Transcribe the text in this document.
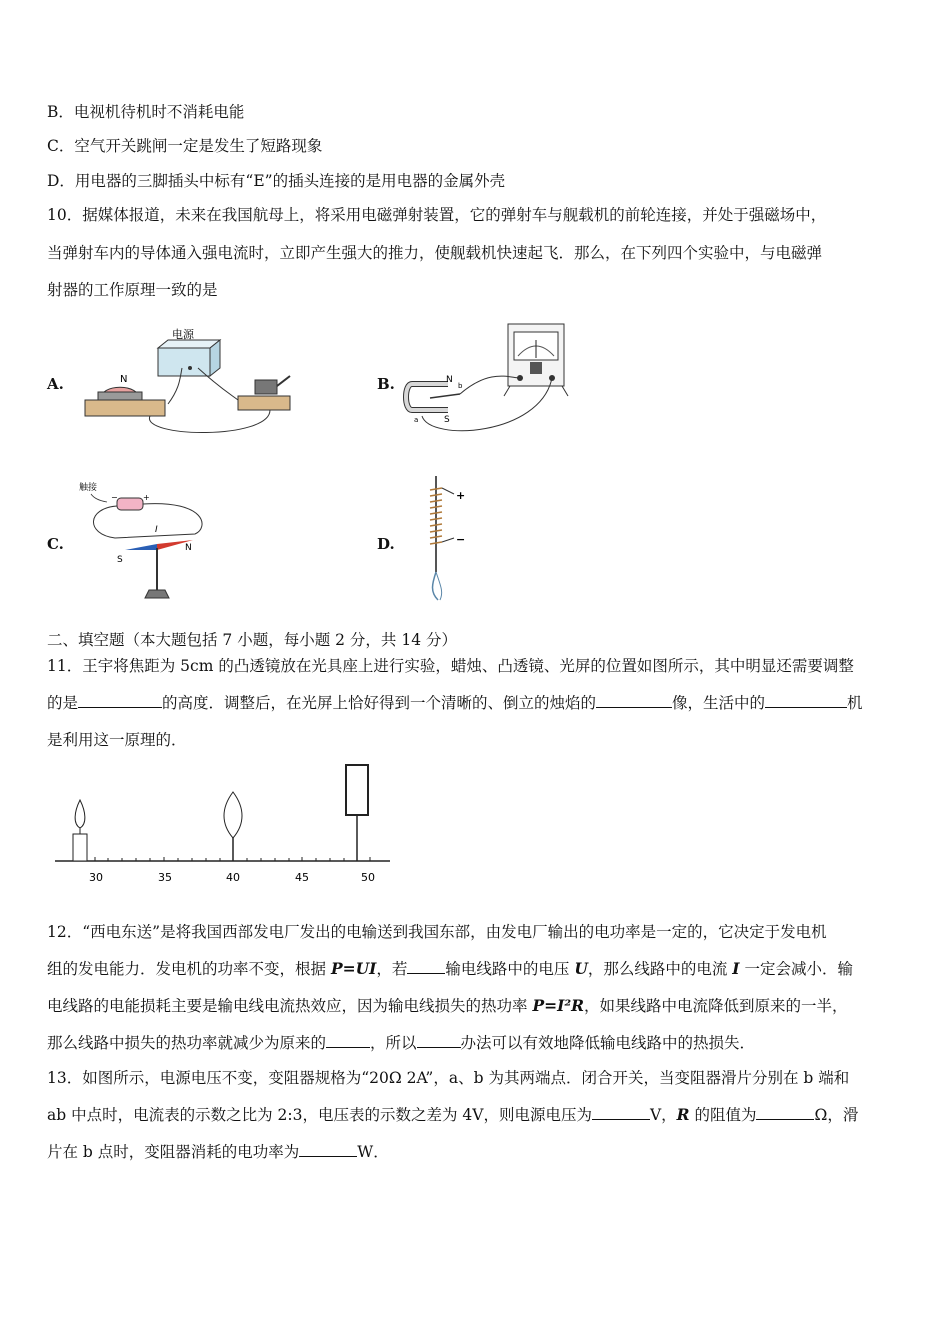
B．电视机待机时不消耗电能
C．空气开关跳闸一定是发生了短路现象
D．用电器的三脚插头中标有“E”的插头连接的是用电器的金属外壳
10．据媒体报道，未来在我国航母上，将采用电磁弹射装置，它的弹射车与舰载机的前轮连接，并处于强磁场中，
当弹射车内的导体通入强电流时，立即产生强大的推力，使舰载机快速起飞．那么，在下列四个实验中，与电磁弹
射器的工作原理一致的是
A.	B.
C.	D.
电源
N	N
S
b
a
触接
−	+
I
S
N
+
−
二、填空题（本大题包括 7 小题，每小题 2 分，共 14 分）
11．王宇将焦距为 5cm 的凸透镜放在光具座上进行实验，蜡烛、凸透镜、光屏的位置如图所示，其中明显还需要调整
的是	的高度．调整后，在光屏上恰好得到一个清晰的、倒立的烛焰的	像，生活中的	机
是利用这一原理的．
30	35	40	45	50
12．“西电东送”是将我国西部发电厂发出的电输送到我国东部，由发电厂输出的电功率是一定的，它决定于发电机
组的发电能力．发电机的功率不变，根据 P=UI，若 输电线路中的电压 U，那么线路中的电流 I 一定会减小．输
电线路的电能损耗主要是输电线电流热效应，因为输电线损失的热功率 P=I²R，如果线路中电流降低到原来的一半，
那么线路中损失的热功率就减少为原来的	，所以	办法可以有效地降低输电线路中的热损失．
13．如图所示，电源电压不变，变阻器规格为“20Ω 2A”，a、b 为其两端点．闭合开关，当变阻器滑片分别在 b 端和
ab 中点时，电流表的示数之比为 2:3，电压表的示数之差为 4V，则电源电压为	V，R 的阻值为	Ω，滑
片在 b 点时，变阻器消耗的电功率为	W．
